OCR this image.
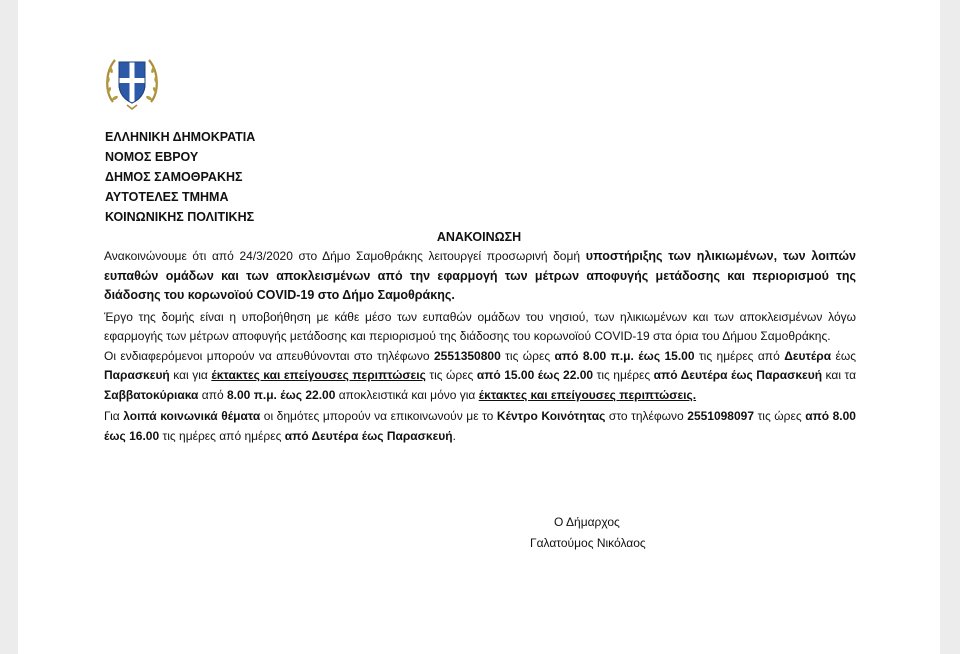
ΕΛΛΗΝΙΚΗ ΔΗΜΟΚΡΑΤΙΑ
ΝΟΜΟΣ ΕΒΡΟΥ
ΔΗΜΟΣ ΣΑΜΟΘΡΑΚΗΣ
ΑΥΤΟΤΕΛΕΣ ΤΜΗΜΑ
ΚΟΙΝΩΝΙΚΗΣ ΠΟΛΙΤΙΚΗΣ
ΑΝΑΚΟΙΝΩΣΗ

Ανακοινώνουμε ότι από 24/3/2020 στο Δήμο Σαμοθράκης λειτουργεί προσωρινή δομή υποστήριξης των ηλικιωμένων, των λοιπών ευπαθών ομάδων και των αποκλεισμένων από την εφαρμογή των μέτρων αποφυγής μετάδοσης και περιορισμού της διάδοσης του κορωνοϊού COVID-19 στο Δήμο Σαμοθράκης.

Έργο της δομής είναι η υποβοήθηση με κάθε μέσο των ευπαθών ομάδων του νησιού, των ηλικιωμένων και των αποκλεισμένων λόγω εφαρμογής των μέτρων αποφυγής μετάδοσης και περιορισμού της διάδοσης του κορωνοϊού COVID-19 στα όρια του Δήμου Σαμοθράκης.

Οι ενδιαφερόμενοι μπορούν να απευθύνονται στο τηλέφωνο 2551350800 τις ώρες από 8.00 π.μ. έως 15.00 τις ημέρες από Δευτέρα έως Παρασκευή και για έκτακτες και επείγουσες περιπτώσεις τις ώρες από 15.00 έως 22.00 τις ημέρες από Δευτέρα έως Παρασκευή και τα Σαββατοκύριακα από 8.00 π.μ. έως 22.00 αποκλειστικά και μόνο για έκτακτες και επείγουσες περιπτώσεις.

Για λοιπά κοινωνικά θέματα οι δημότες μπορούν να επικοινωνούν με το Κέντρο Κοινότητας στο τηλέφωνο 2551098097 τις ώρες από 8.00 έως 16.00 τις ημέρες από ημέρες από Δευτέρα έως Παρασκευή.

Ο Δήμαρχος
Γαλατούμος Νικόλαος
